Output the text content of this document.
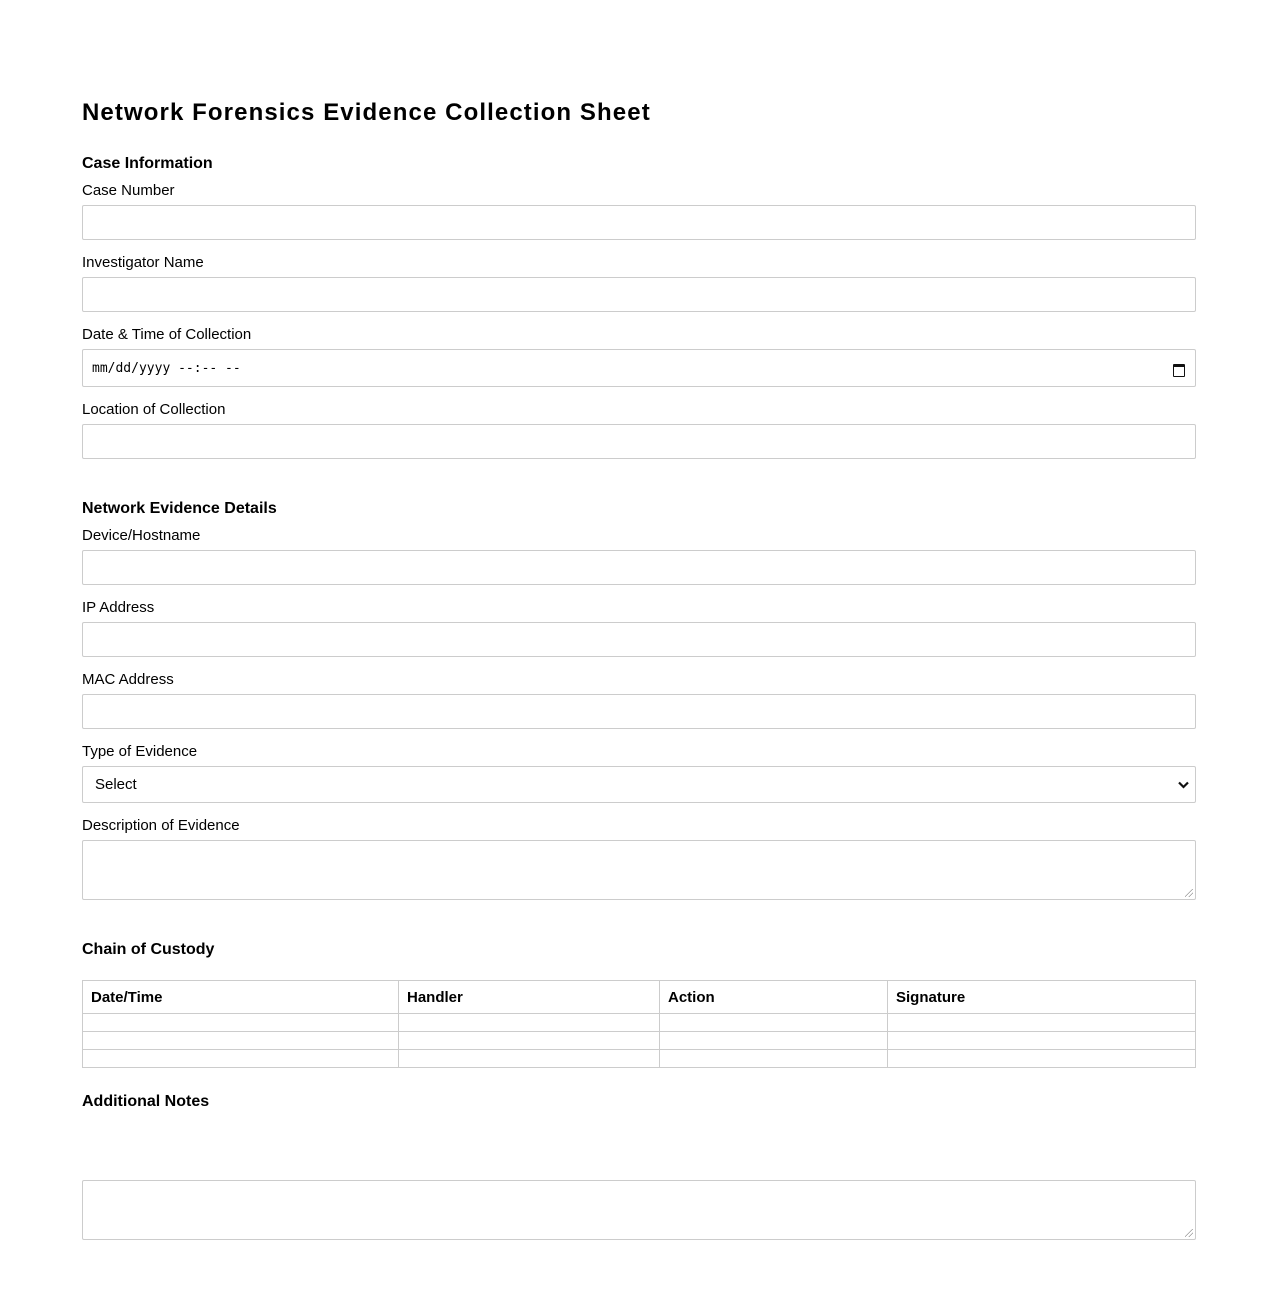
Network Forensics Evidence Collection Sheet
Case Information
Case Number
Investigator Name
Date & Time of Collection
mm/dd/yyyy --:-- --
Location of Collection
Network Evidence Details
Device/Hostname
IP Address
MAC Address
Type of Evidence
Select
Description of Evidence
Chain of Custody
Date/Time	Handler	Action	Signature

Additional Notes
